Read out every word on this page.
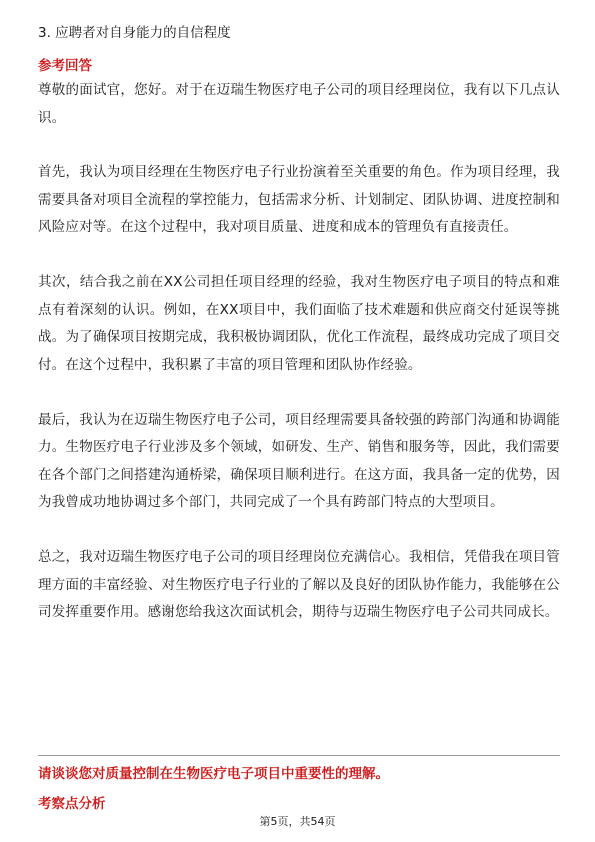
3. 应聘者对自身能力的自信程度
参考回答

尊敬的面试官，您好。对于在迈瑞生物医疗电子公司的项目经理岗位，我有以下几点认识。

首先，我认为项目经理在生物医疗电子行业扮演着至关重要的角色。作为项目经理，我需要具备对项目全流程的掌控能力，包括需求分析、计划制定、团队协调、进度控制和风险应对等。在这个过程中，我对项目质量、进度和成本的管理负有直接责任。

其次，结合我之前在XX公司担任项目经理的经验，我对生物医疗电子项目的特点和难点有着深刻的认识。例如，在XX项目中，我们面临了技术难题和供应商交付延误等挑战。为了确保项目按期完成，我积极协调团队，优化工作流程，最终成功完成了项目交付。在这个过程中，我积累了丰富的项目管理和团队协作经验。

最后，我认为在迈瑞生物医疗电子公司，项目经理需要具备较强的跨部门沟通和协调能力。生物医疗电子行业涉及多个领域，如研发、生产、销售和服务等，因此，我们需要在各个部门之间搭建沟通桥梁，确保项目顺利进行。在这方面，我具备一定的优势，因为我曾成功地协调过多个部门，共同完成了一个具有跨部门特点的大型项目。

总之，我对迈瑞生物医疗电子公司的项目经理岗位充满信心。我相信，凭借我在项目管理方面的丰富经验、对生物医疗电子行业的了解以及良好的团队协作能力，我能够在公司发挥重要作用。感谢您给我这次面试机会，期待与迈瑞生物医疗电子公司共同成长。

请谈谈您对质量控制在生物医疗电子项目中重要性的理解。
考察点分析
第5页，共54页
